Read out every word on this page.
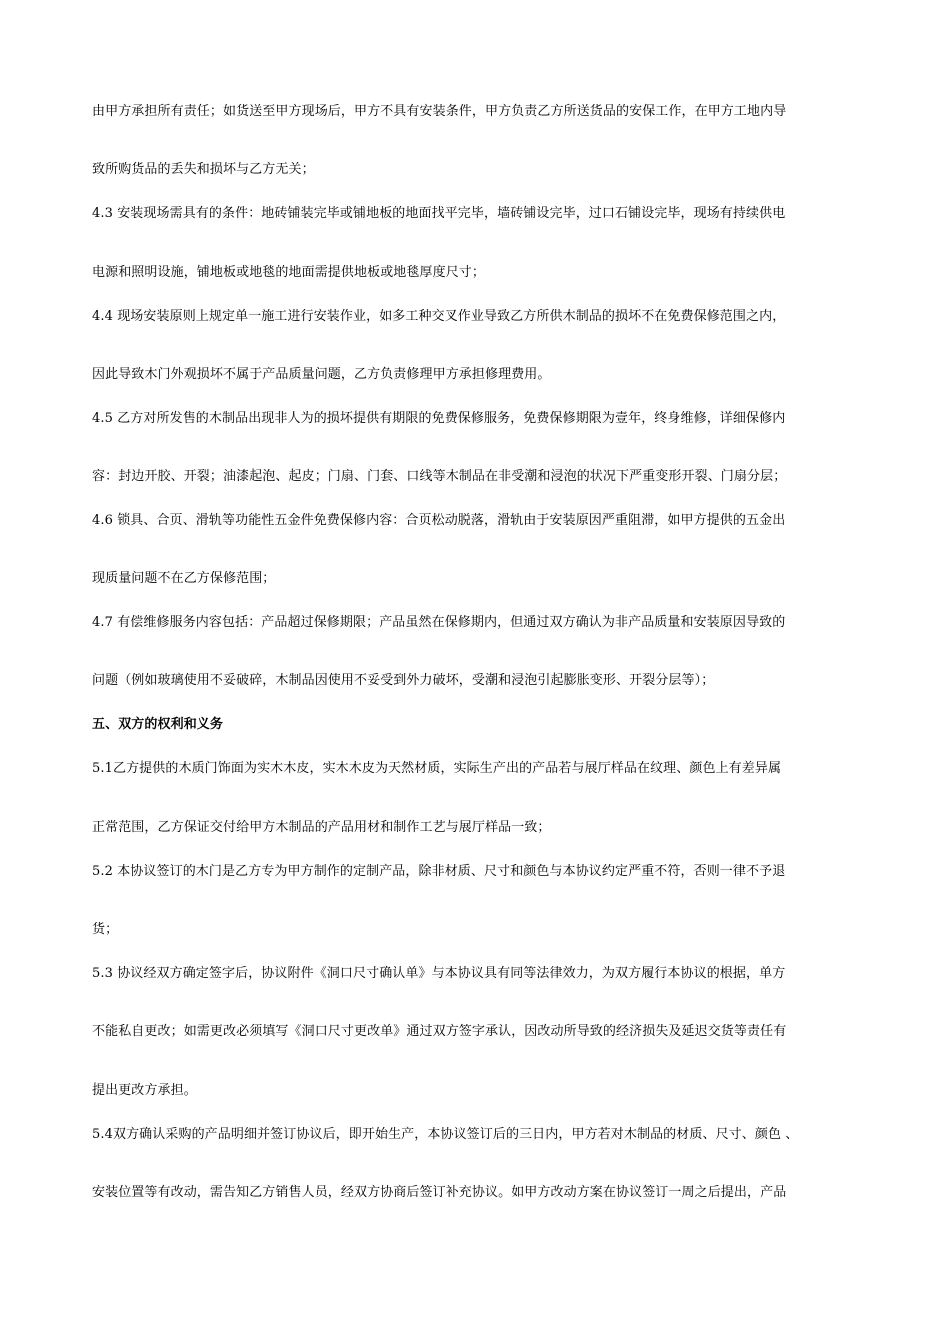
由甲方承担所有责任；如货送至甲方现场后，甲方不具有安装条件，甲方负责乙方所送货品的安保工作，在甲方工地内导
致所购货品的丢失和损坏与乙方无关；
4.3 安装现场需具有的条件：地砖铺装完毕或铺地板的地面找平完毕，墙砖铺设完毕，过口石铺设完毕，现场有持续供电
电源和照明设施，铺地板或地毯的地面需提供地板或地毯厚度尺寸；
4.4 现场安装原则上规定单一施工进行安装作业，如多工种交叉作业导致乙方所供木制品的损坏不在免费保修范围之内，
因此导致木门外观损坏不属于产品质量问题，乙方负责修理甲方承担修理费用。
4.5 乙方对所发售的木制品出现非人为的损坏提供有期限的免费保修服务，免费保修期限为壹年，终身维修，详细保修内
容：封边开胶、开裂；油漆起泡、起皮；门扇、门套、口线等木制品在非受潮和浸泡的状况下严重变形开裂、门扇分层；
4.6 锁具、合页、滑轨等功能性五金件免费保修内容：合页松动脱落，滑轨由于安装原因严重阻滞，如甲方提供的五金出
现质量问题不在乙方保修范围；
4.7 有偿维修服务内容包括：产品超过保修期限；产品虽然在保修期内，但通过双方确认为非产品质量和安装原因导致的
问题（例如玻璃使用不妥破碎，木制品因使用不妥受到外力破坏，受潮和浸泡引起膨胀变形、开裂分层等）；
五、双方的权利和义务
5.1乙方提供的木质门饰面为实木木皮，实木木皮为天然材质，实际生产出的产品若与展厅样品在纹理、颜色上有差异属
正常范围，乙方保证交付给甲方木制品的产品用材和制作工艺与展厅样品一致；
5.2 本协议签订的木门是乙方专为甲方制作的定制产品，除非材质、尺寸和颜色与本协议约定严重不符，否则一律不予退
货；
5.3 协议经双方确定签字后，协议附件《洞口尺寸确认单》与本协议具有同等法律效力，为双方履行本协议的根据，单方
不能私自更改；如需更改必须填写《洞口尺寸更改单》通过双方签字承认，因改动所导致的经济损失及延迟交货等责任有
提出更改方承担。
5.4双方确认采购的产品明细并签订协议后，即开始生产，本协议签订后的三日内，甲方若对木制品的材质、尺寸、颜色 、
安装位置等有改动，需告知乙方销售人员，经双方协商后签订补充协议。如甲方改动方案在协议签订一周之后提出，产品
